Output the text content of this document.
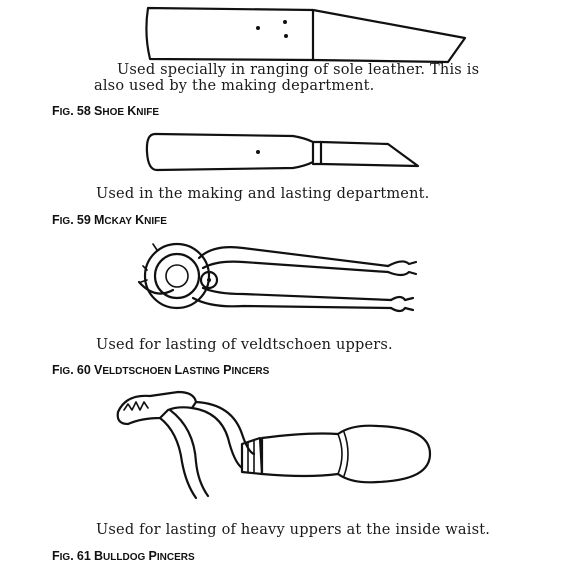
Used specially in ranging of sole leather. This is
also used by the making department.
FIG. 58 SHOE KNIFE
Used in the making and lasting department.
FIG. 59 MCKAY KNIFE
Used for lasting of veldtschoen uppers.
FIG. 60 VELDTSCHOEN LASTING PINCERS
Used for lasting of heavy uppers at the inside waist.
FIG. 61 BULLDOG PINCERS
